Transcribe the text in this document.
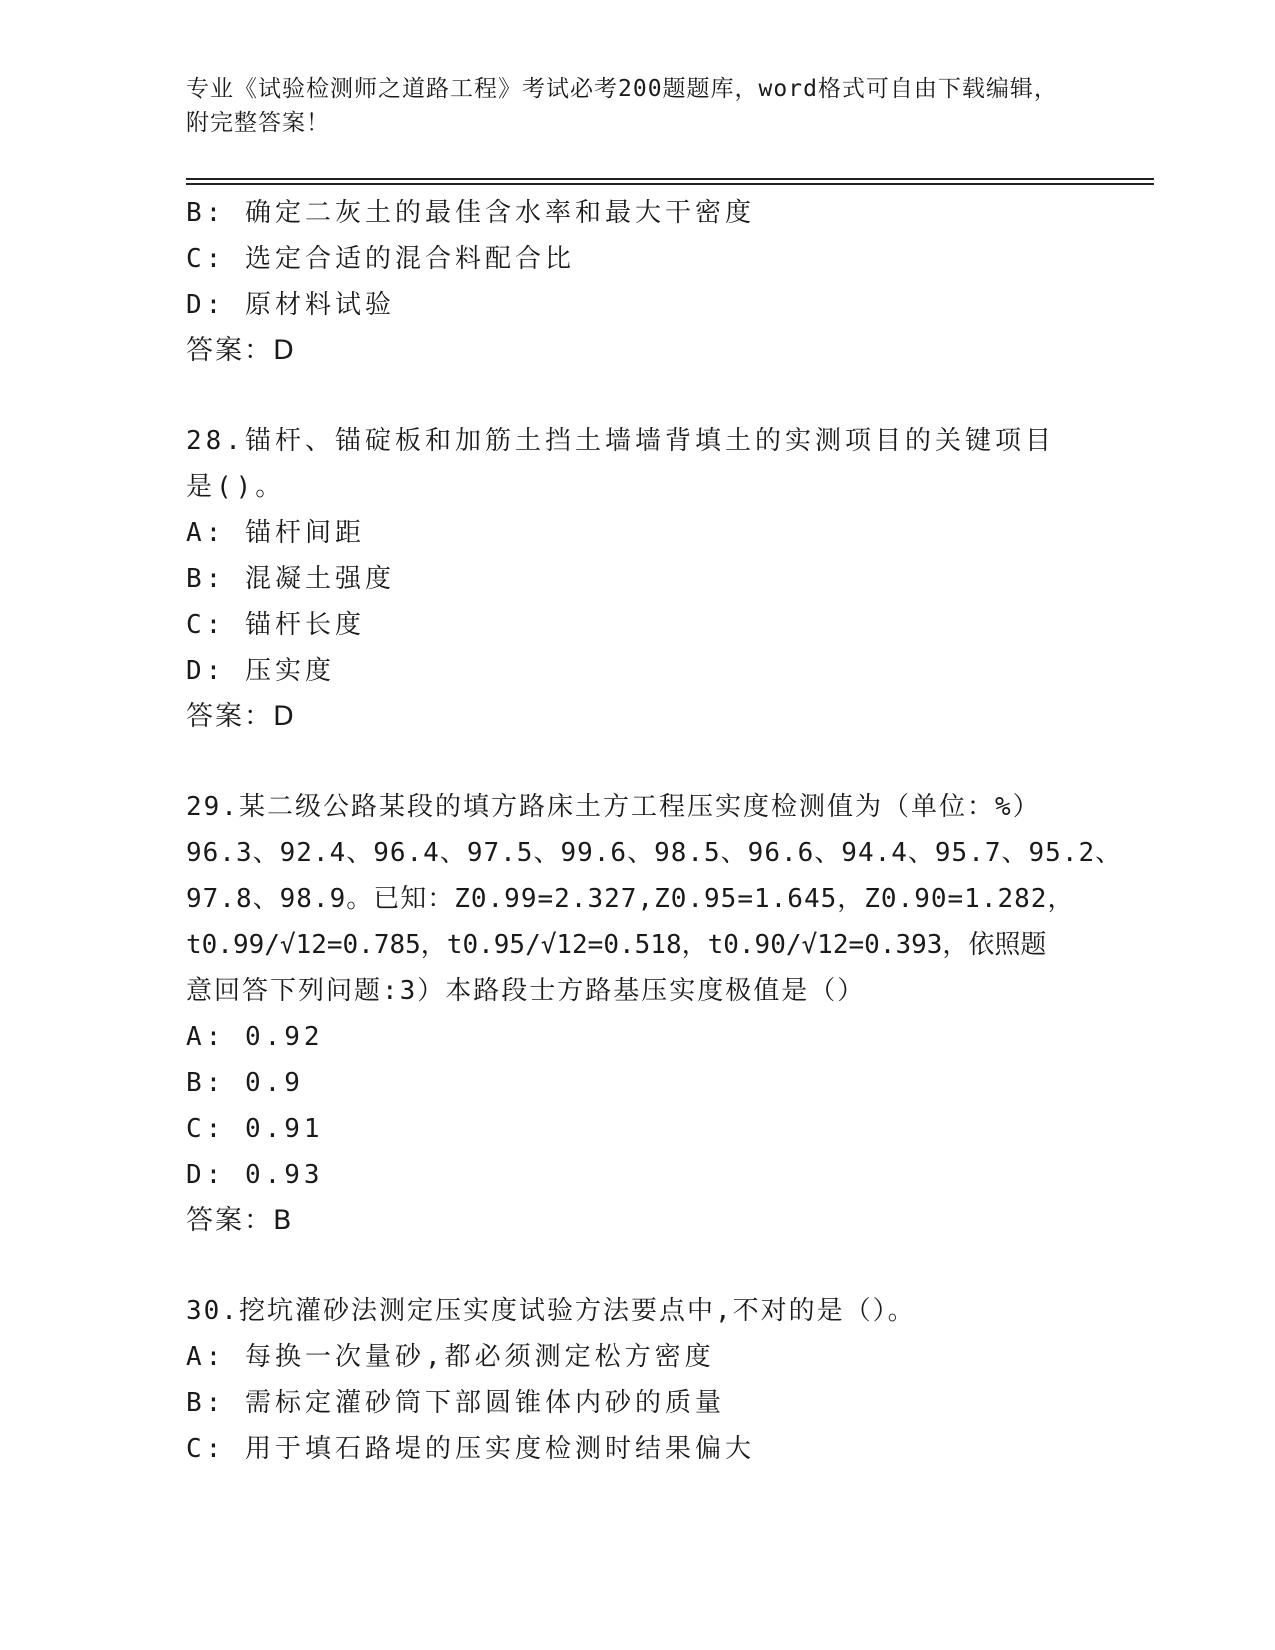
专业《试验检测师之道路工程》考试必考200题题库，word格式可自由下载编辑，附完整答案！
B: 确定二灰土的最佳含水率和最大干密度
C: 选定合适的混合料配合比
D: 原材料试验
答案：D
28.锚杆、锚碇板和加筋土挡土墙墙背填土的实测项目的关键项目是()。
A: 锚杆间距
B: 混凝土强度
C: 锚杆长度
D: 压实度
答案：D
29.某二级公路某段的填方路床土方工程压实度检测值为（单位：%）
96.3、92.4、96.4、97.5、99.6、98.5、96.6、94.4、95.7、95.2、
97.8、98.9。已知：Z0.99=2.327,Z0.95=1.645，Z0.90=1.282，
t0.99/√12=0.785，t0.95/√12=0.518，t0.90/√12=0.393，依照题
意回答下列问题:3）本路段士方路基压实度极值是（）
A: 0.92
B: 0.9
C: 0.91
D: 0.93
答案：B
30.挖坑灌砂法测定压实度试验方法要点中,不对的是（）。
A: 每换一次量砂,都必须测定松方密度
B: 需标定灌砂筒下部圆锥体内砂的质量
C: 用于填石路堤的压实度检测时结果偏大
